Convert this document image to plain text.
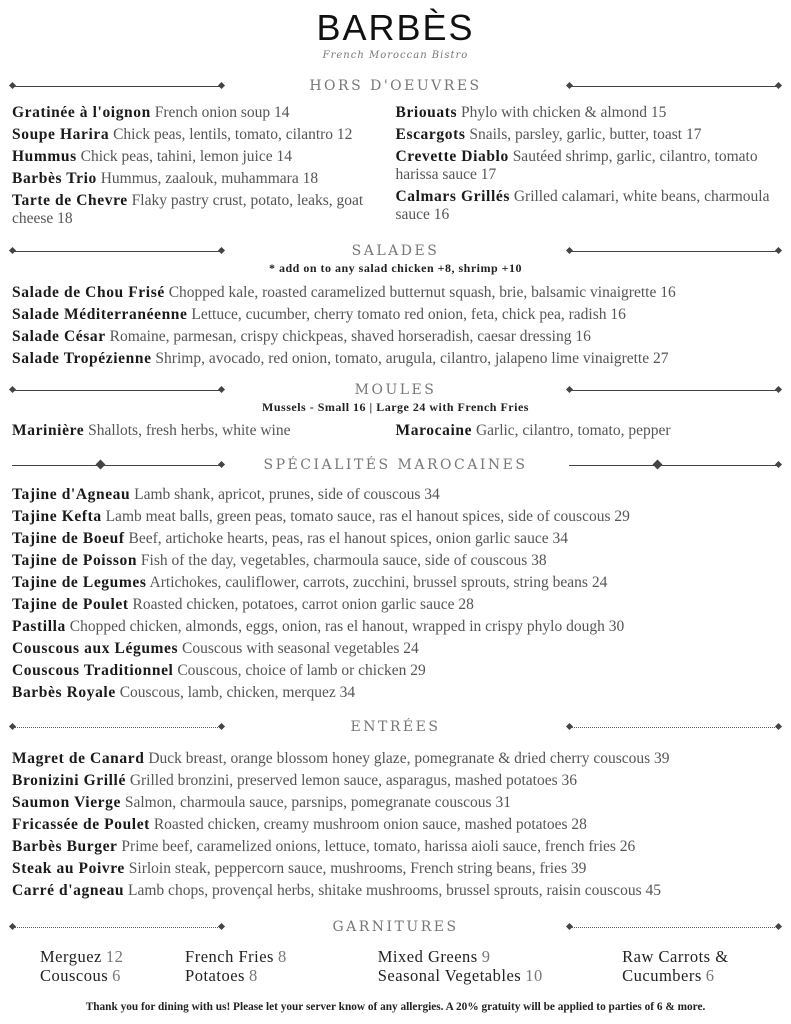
BARBÈS
French Moroccan Bistro
HORS D'OEUVRES
Gratinée à l'oignon French onion soup 14
Soupe Harira Chick peas, lentils, tomato, cilantro 12
Hummus Chick peas, tahini, lemon juice 14
Barbès Trio Hummus, zaalouk, muhammara 18
Tarte de Chevre Flaky pastry crust, potato, leaks, goat cheese 18
Briouats Phylo with chicken & almond 15
Escargots Snails, parsley, garlic, butter, toast 17
Crevette Diablo Sautéed shrimp, garlic, cilantro, tomato harissa sauce 17
Calmars Grillés Grilled calamari, white beans, charmoula sauce 16
SALADES
* add on to any salad chicken +8, shrimp +10
Salade de Chou Frisé Chopped kale, roasted caramelized butternut squash, brie, balsamic vinaigrette 16
Salade Méditerranéenne Lettuce, cucumber, cherry tomato red onion, feta, chick pea, radish 16
Salade César Romaine, parmesan, crispy chickpeas, shaved horseradish, caesar dressing 16
Salade Tropézienne Shrimp, avocado, red onion, tomato, arugula, cilantro, jalapeno lime vinaigrette 27
MOULES
Mussels - Small 16 | Large 24 with French Fries
Marinière Shallots, fresh herbs, white wine	Marocaine Garlic, cilantro, tomato, pepper
SPÉCIALITÉS MAROCAINES
Tajine d'Agneau Lamb shank, apricot, prunes, side of couscous 34
Tajine Kefta Lamb meat balls, green peas, tomato sauce, ras el hanout spices, side of couscous 29
Tajine de Boeuf Beef, artichoke hearts, peas, ras el hanout spices, onion garlic sauce 34
Tajine de Poisson Fish of the day, vegetables, charmoula sauce, side of couscous 38
Tajine de Legumes Artichokes, cauliflower, carrots, zucchini, brussel sprouts, string beans 24
Tajine de Poulet Roasted chicken, potatoes, carrot onion garlic sauce 28
Pastilla Chopped chicken, almonds, eggs, onion, ras el hanout, wrapped in crispy phylo dough 30
Couscous aux Légumes Couscous with seasonal vegetables 24
Couscous Traditionnel Couscous, choice of lamb or chicken 29
Barbès Royale Couscous, lamb, chicken, merquez 34
ENTRÉES
Magret de Canard Duck breast, orange blossom honey glaze, pomegranate & dried cherry couscous 39
Bronizini Grillé Grilled bronzini, preserved lemon sauce, asparagus, mashed potatoes 36
Saumon Vierge Salmon, charmoula sauce, parsnips, pomegranate couscous 31
Fricassée de Poulet Roasted chicken, creamy mushroom onion sauce, mashed potatoes 28
Barbès Burger Prime beef, caramelized onions, lettuce, tomato, harissa aioli sauce, french fries 26
Steak au Poivre Sirloin steak, peppercorn sauce, mushrooms, French string beans, fries 39
Carré d'agneau Lamb chops, provençal herbs, shitake mushrooms, brussel sprouts, raisin couscous 45
GARNITURES
Merguez 12
Couscous 6
French Fries 8
Potatoes 8
Mixed Greens 9
Seasonal Vegetables 10
Raw Carrots &
Cucumbers 6
Thank you for dining with us! Please let your server know of any allergies. A 20% gratuity will be applied to parties of 6 & more.
